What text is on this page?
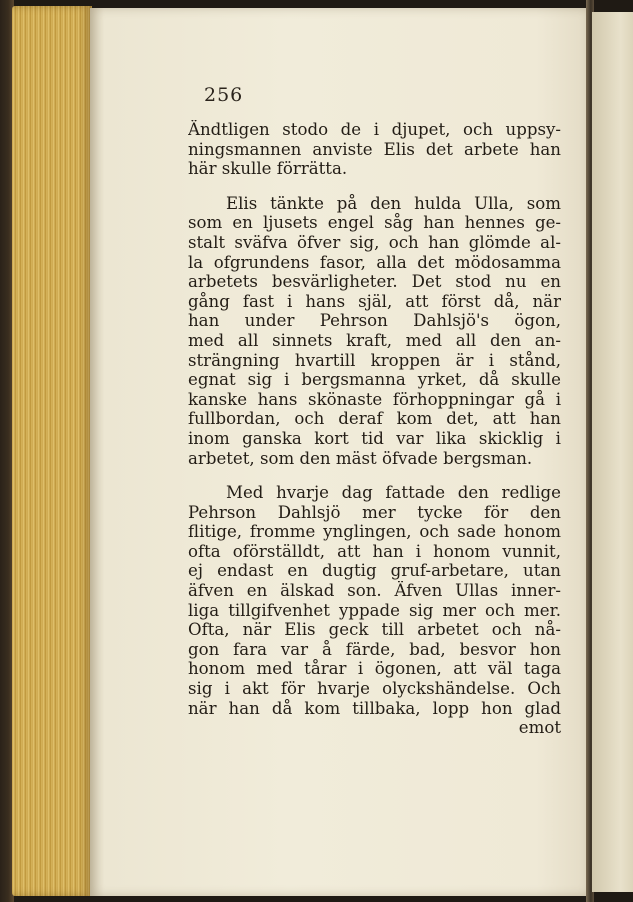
256
Ändtligen stodo de i djupet, och uppsy-
ningsmannen anviste Elis det arbete han
här skulle förrätta.
Elis tänkte på den hulda Ulla, som
som en ljusets engel såg han hennes ge-
stalt sväfva öfver sig, och han glömde al-
la ofgrundens fasor, alla det mödosamma
arbetets besvärligheter. Det stod nu en
gång fast i hans själ, att först då, när
han under Pehrson Dahlsjö's ögon,
med all sinnets kraft, med all den an-
strängning hvartill kroppen är i stånd,
egnat sig i bergsmanna yrket, då skulle
kanske hans skönaste förhoppningar gå i
fullbordan, och deraf kom det, att han
inom ganska kort tid var lika skicklig i
arbetet, som den mäst öfvade bergsman.
Med hvarje dag fattade den redlige
Pehrson Dahlsjö mer tycke för den
flitige, fromme ynglingen, och sade honom
ofta oförställdt, att han i honom vunnit,
ej endast en dugtig gruf-arbetare, utan
äfven en älskad son. Äfven Ullas inner-
liga tillgifvenhet yppade sig mer och mer.
Ofta, när Elis geck till arbetet och nå-
gon fara var å färde, bad, besvor hon
honom med tårar i ögonen, att väl taga
sig i akt för hvarje olyckshändelse. Och
när han då kom tillbaka, lopp hon glad
emot
